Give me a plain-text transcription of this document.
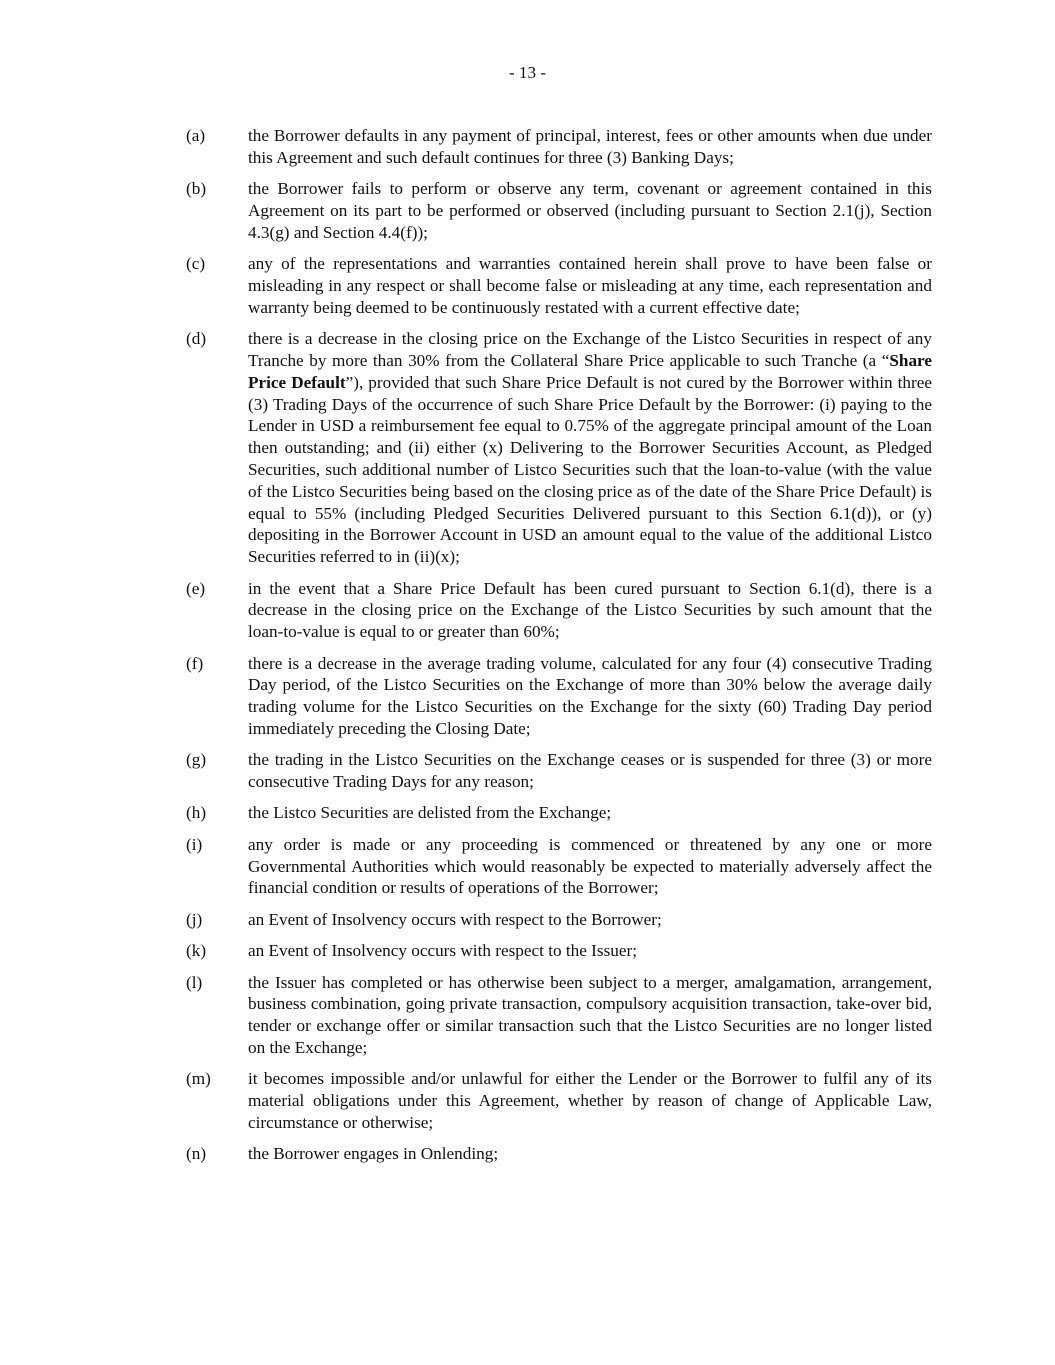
- 13 -
(a)	the Borrower defaults in any payment of principal, interest, fees or other amounts when due under this Agreement and such default continues for three (3) Banking Days;
(b)	the Borrower fails to perform or observe any term, covenant or agreement contained in this Agreement on its part to be performed or observed (including pursuant to Section 2.1(j), Section 4.3(g) and Section 4.4(f));
(c)	any of the representations and warranties contained herein shall prove to have been false or misleading in any respect or shall become false or misleading at any time, each representation and warranty being deemed to be continuously restated with a current effective date;
(d)	there is a decrease in the closing price on the Exchange of the Listco Securities in respect of any Tranche by more than 30% from the Collateral Share Price applicable to such Tranche (a “Share Price Default”), provided that such Share Price Default is not cured by the Borrower within three (3) Trading Days of the occurrence of such Share Price Default by the Borrower: (i) paying to the Lender in USD a reimbursement fee equal to 0.75% of the aggregate principal amount of the Loan then outstanding; and (ii) either (x) Delivering to the Borrower Securities Account, as Pledged Securities, such additional number of Listco Securities such that the loan-to-value (with the value of the Listco Securities being based on the closing price as of the date of the Share Price Default) is equal to 55% (including Pledged Securities Delivered pursuant to this Section 6.1(d)), or (y) depositing in the Borrower Account in USD an amount equal to the value of the additional Listco Securities referred to in (ii)(x);
(e)	in the event that a Share Price Default has been cured pursuant to Section 6.1(d), there is a decrease in the closing price on the Exchange of the Listco Securities by such amount that the loan-to-value is equal to or greater than 60%;
(f)	there is a decrease in the average trading volume, calculated for any four (4) consecutive Trading Day period, of the Listco Securities on the Exchange of more than 30% below the average daily trading volume for the Listco Securities on the Exchange for the sixty (60) Trading Day period immediately preceding the Closing Date;
(g)	the trading in the Listco Securities on the Exchange ceases or is suspended for three (3) or more consecutive Trading Days for any reason;
(h)	the Listco Securities are delisted from the Exchange;
(i)	any order is made or any proceeding is commenced or threatened by any one or more Governmental Authorities which would reasonably be expected to materially adversely affect the financial condition or results of operations of the Borrower;
(j)	an Event of Insolvency occurs with respect to the Borrower;
(k)	an Event of Insolvency occurs with respect to the Issuer;
(l)	the Issuer has completed or has otherwise been subject to a merger, amalgamation, arrangement, business combination, going private transaction, compulsory acquisition transaction, take-over bid, tender or exchange offer or similar transaction such that the Listco Securities are no longer listed on the Exchange;
(m)	it becomes impossible and/or unlawful for either the Lender or the Borrower to fulfil any of its material obligations under this Agreement, whether by reason of change of Applicable Law, circumstance or otherwise;
(n)	the Borrower engages in Onlending;
